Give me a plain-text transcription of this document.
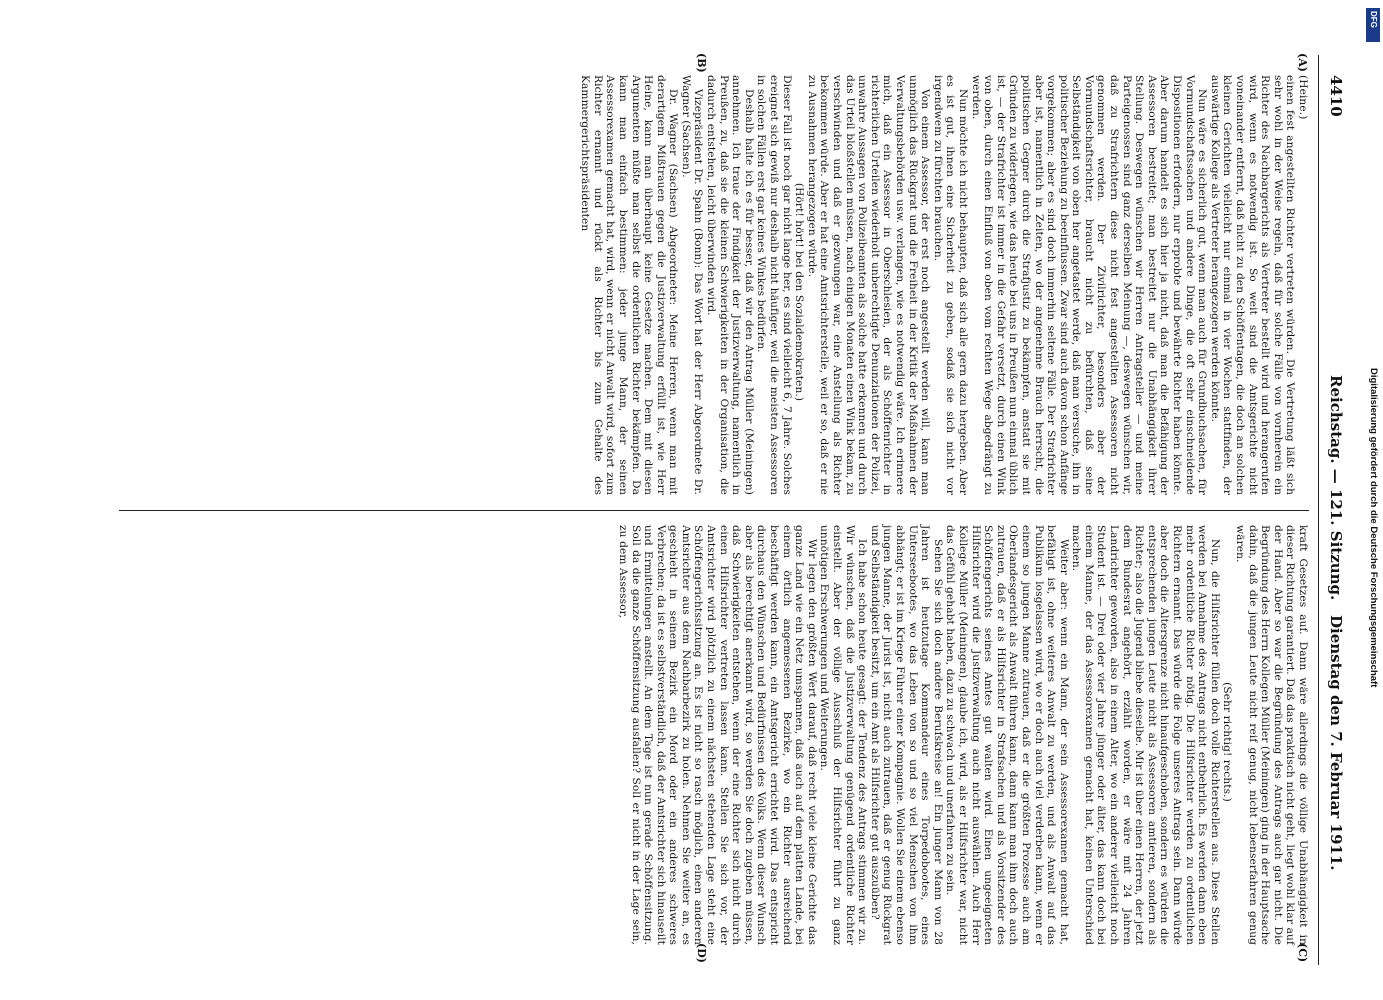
4410
Reichstag. — 121. Sitzung.
Dienstag den 7. Februar 1911.
(A)
(B)
(C)
(D)

(Heine.)

einen fest angestellten Richter vertreten würden. Die Vertretung läßt sich sehr wohl in der Weise regeln, daß für solche Fälle von vornherein ein Richter des Nachbargerichts als Vertreter bestellt wird und herangerufen wird, wenn es notwendig ist. So weit sind die Amtsgerichte nicht voneinander entfernt, daß nicht zu den Schöffentagen, die doch an solchen kleinen Gerichten vielleicht nur einmal in vier Wochen stattfinden, der auswärtige Kollege als Vertreter herangezogen werden könnte.

Nun wäre es sicherlich gut, wenn man auch für Grundbuchsachen, für Vormundschaftssachen und andere Dinge, die oft sehr einschneidende Dispositionen erfordern, nur erprobte und bewährte Richter haben könnte. Aber darum handelt es sich hier ja nicht, daß man die Befähigung der Assessoren bestreitet; man bestreitet nur die Unabhängigkeit ihrer Stellung. Deswegen wünschen wir Herren Antragsteller — und meine Parteigenossen sind ganz derselben Meinung —, deswegen wünschen wir, daß zu Strafrichtern diese nicht fest angestellten Assessoren nicht genommen werden. Der Zivilrichter, besonders aber der Vormundschaftsrichter, braucht nicht zu befürchten, daß seine Selbständigkeit von oben her angetastet werde, daß man versuche, ihn in politischer Beziehung zu beeinflussen. Zwar sind auch davon schon Anfänge vorgekommen; aber es sind doch immerhin seltene Fälle. Der Strafrichter aber ist, namentlich in Zeiten, wo der angenehme Brauch herrscht, die politischen Gegner durch die Strafjustiz zu bekämpfen, anstatt sie mit Gründen zu widerlegen, wie das heute bei uns in Preußen nun einmal üblich ist, — der Strafrichter ist immer in die Gefahr versetzt, durch einen Wink von oben, durch einen Einfluß von oben vom rechten Wege abgedrängt zu werden.

Nun möchte ich nicht behaupten, daß sich alle gern dazu hergeben. Aber es ist gut, ihnen eine Sicherheit zu geben, sodaß sie sich nicht vor irgendwem zu fürchten brauchen.

Von einem Assessor, der erst noch angestellt werden will, kann man unmöglich das Rückgrat und die Freiheit in der Kritik der Maßnahmen der Verwaltungsbehörden usw. verlangen, wie es notwendig wäre. Ich erinnere mich, daß ein Assessor in Oberschlesien, der als Schöffenrichter in richterlichen Urteilen wiederholt unberechtigte Denunziationen der Polizei, unwahre Aussagen von Polizeibeamten als solche hatte erkennen und durch das Urteil bloßstellen müssen, nach einigen Monaten einen Wink bekam, zu verschwinden und daß er gezwungen war, eine Anstellung als Richter bekommen würde. Aber er hat eine Amtsrichterstelle, weil er so, daß er nie zu Ausnahmen herangezogen würde.

(Hört! hört! bei den Sozialdemokraten.)

Dieser Fall ist noch gar nicht lange her, es sind vielleicht 6, 7 Jahre. Solches ereignet sich gewiß nur deshalb nicht häufiger, weil die meisten Assessoren in solchen Fällen erst gar keines Winkes bedürfen.

Deshalb halte ich es für besser, daß wir den Antrag Müller (Meiningen) annehmen. Ich traue der Findigkeit der Justizverwaltung, namentlich in Preußen, zu, daß sie die kleinen Schwierigkeiten in der Organisation, die dadurch entstehen, leicht überwinden wird.

Vizepräsident Dr. Spahn (Bonn): Das Wort hat der Herr Abgeordnete Dr. Wagner (Sachsen).

Dr. Wagner (Sachsen) Abgeordneter: Meine Herren, wenn man mit derartigem Mißtrauen gegen die Justizverwaltung erfüllt ist, wie Herr Heine, kann man überhaupt keine Gesetze machen. Dem mit diesen Argumenten müßte man selbst die ordentlichen Richter bekämpfen. Da kann man einfach bestimmen: jeder junge Mann, der seinen Assessorexamen gemacht hat, wird, wenn er nicht Anwalt wird, sofort zum Richter ernannt und rückt als Richter bis zum Gehalte des Kammergerichtspräsidenten

kraft Gesetzes auf. Dann wäre allerdings die völlige Unabhängigkeit in dieser Richtung garantiert. Daß das praktisch nicht geht, liegt wohl klar auf der Hand. Aber so war die Begründung des Antrags auch gar nicht. Die Begründung des Herrn Kollegen Müller (Meiningen) ging in der Hauptsache dahin, daß die jungen Leute nicht reif genug, nicht lebenserfahren genug wären.

(Sehr richtig! rechts.)

Nun, die Hilfsrichter füllen doch volle Richterstellen aus. Diese Stellen werden bei Annahme des Antrags nicht entbehrlich. Es werden dann eben mehr ordentliche Richter nötig. Die Hilfsrichter werden zu ordentlichen Richtern ernannt. Das würde die Folge unseres Antrags sein. Dann würde aber doch die Altersgrenze nicht hinaufgeschoben, sondern es würden die entsprechenden jungen Leute nicht als Assessoren amtieren, sondern als Richter; also die Jugend bliebe dieselbe. Mir ist über einen Herren, der jetzt dem Bundesrat angehört, erzählt worden, er wäre mit 24 Jahren Landrichter geworden, also in einem Alter, wo ein anderer vielleicht noch Student ist. — Drei oder vier Jahre jünger oder älter, das kann doch bei einem Manne, der das Assessorexamen gemacht hat, keinen Unterschied machen.

Weiter aber: wenn ein Mann, der sein Assessorexamen gemacht hat, befähigt ist, ohne weiteres Anwalt zu werden, und als Anwalt auf das Publikum losgelassen wird, wo er doch auch viel verderben kann, wenn er einem so jungen Manne zutrauen, daß er die größten Prozesse auch am Oberlandesgericht als Anwalt führen kann, dann kann man ihm doch auch zutrauen, daß er als Hilfsrichter in Strafsachen und als Vorsitzender des Schöffengerichts seines Amtes gut walten wird. Einen ungeeigneten Hilfsrichter wird die Justizverwaltung auch nicht auswählen. Auch Herr Kollege Müller (Meiningen), glaube ich, wird, als er Hilfsrichter war, nicht das Gefühl gehabt haben, dazu zu schwach und unerfahren zu sein.

Sehen Sie sich doch andere Berufskreise an! Ein junger Mann von 28 Jahren ist heutzutage Kommandeur eines Torpedobootes, eines Unterseebootes, wo das Leben von so und so viel Menschen von ihm abhängt; er ist im Kriege Führer einer Kompagnie. Wollen Sie einem ebenso jungen Manne, der Jurist ist, nicht auch zutrauen, daß er genug Rückgrat und Selbständigkeit besitzt, um ein Amt als Hilfsrichter gut auszuüben?

Ich habe schon heute gesagt: der Tendenz des Antrags stimmen wir zu. Wir wünschen, daß die Justizverwaltung genügend ordentliche Richter einstellt. Aber der völlige Ausschluß der Hilfsrichter führt zu ganz unnötigen Erschwerungen und Weiterungen.

Wir legen den größten Wert darauf, daß recht viele kleine Gerichte das ganze Land wie ein Netz umspannen, daß auch auf dem platten Lande, bei einem örtlich angemessenen Bezirke, wo ein Richter ausreichend beschäftigt werden kann, ein Amtsgericht errichtet wird. Das entspricht durchaus den Wünschen und Bedürfnissen des Volks. Wenn dieser Wunsch aber als berechtigt anerkannt wird, so werden Sie doch zugeben müssen, daß Schwierigkeiten entstehen, wenn der eine Richter sich nicht durch einen Hilfsrichter vertreten lassen kann. Stellen Sie sich vor, der Amtsrichter wird plötzlich zu einem nächsten stehenden Lage steht eine Schöffengerichtssitzung an. Es ist nicht so rasch möglich, einen anderen Amtsrichter aus dem Nachbarbezirk zu holen. Nehmen Sie weiter an, es geschieht in seinem Bezirk ein Mord oder ein anderes schweres Verbrechen; da ist es selbstverständlich, daß der Amtsrichter sich hinauseilt und Ermittelungen anstellt. An dem Tage ist nun gerade Schöffensitzung. Soll da die ganze Schöffensitzung ausfallen? Soll er nicht in der Lage sein, zu dem Assessor,

DFG
Digitalisierung gefördert durch die Deutsche Forschungsgemeinschaft
